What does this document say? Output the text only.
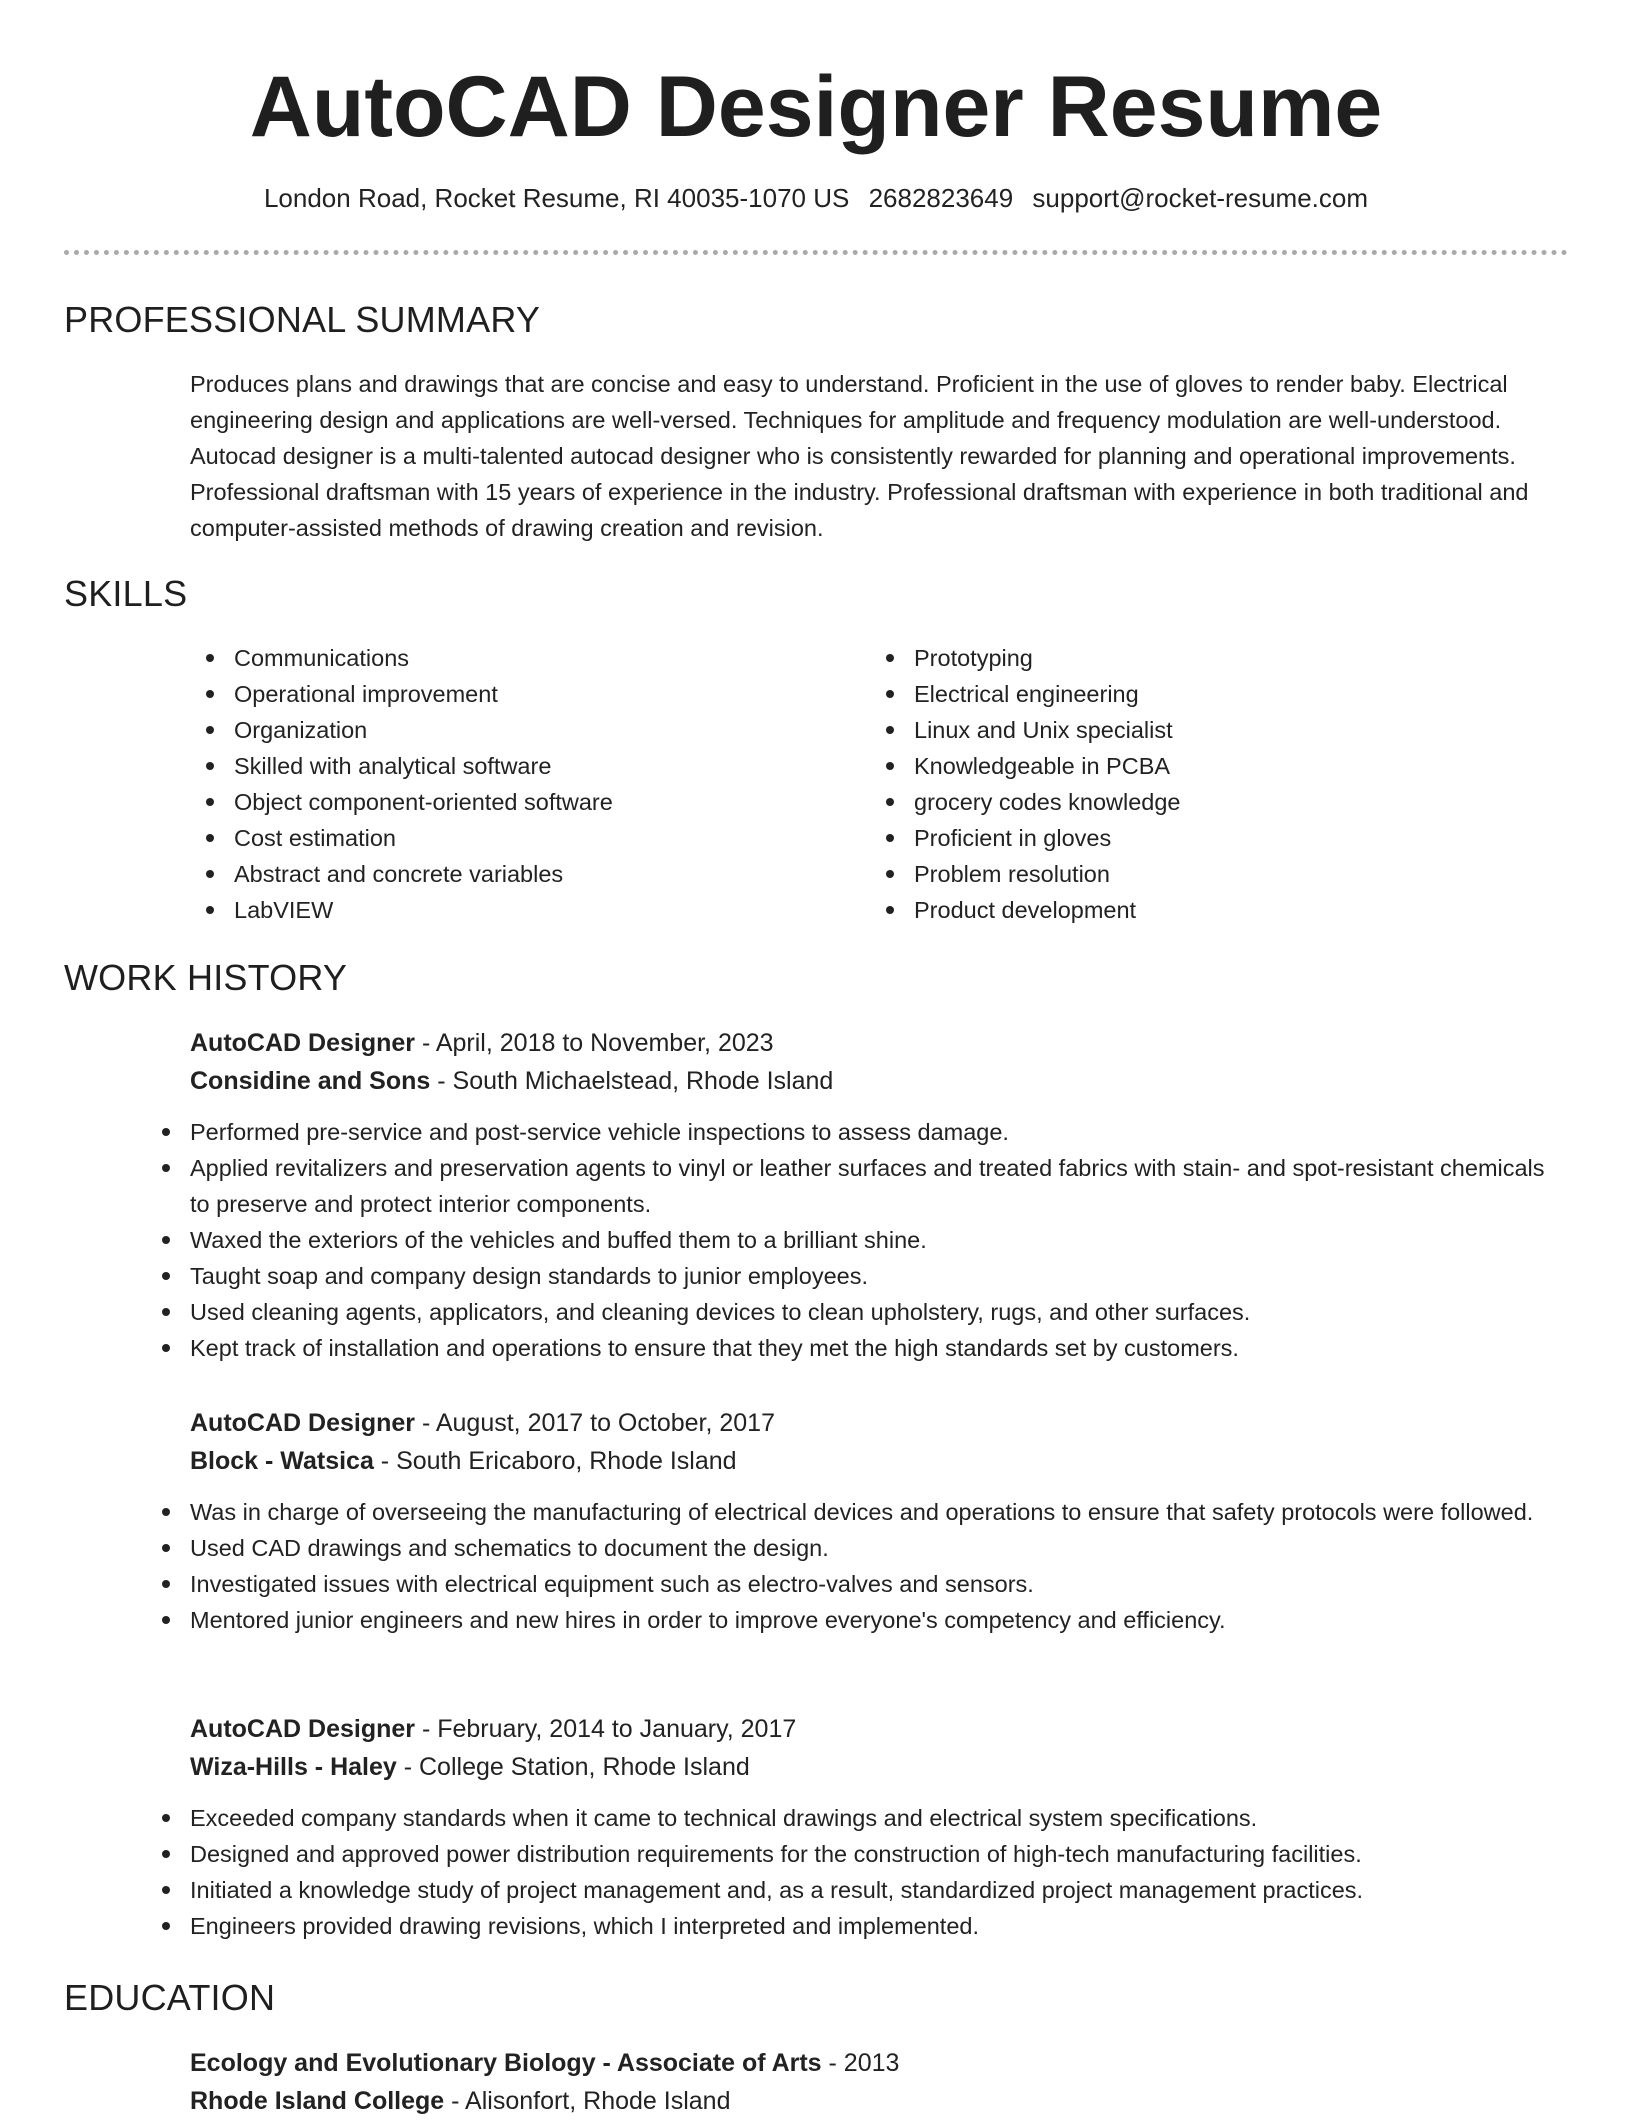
AutoCAD Designer Resume
London Road, Rocket Resume, RI 40035-1070 US 2682823649 support@rocket-resume.com
PROFESSIONAL SUMMARY
Produces plans and drawings that are concise and easy to understand. Proficient in the use of gloves to render baby. Electrical engineering design and applications are well-versed. Techniques for amplitude and frequency modulation are well-understood. Autocad designer is a multi-talented autocad designer who is consistently rewarded for planning and operational improvements. Professional draftsman with 15 years of experience in the industry. Professional draftsman with experience in both traditional and computer-assisted methods of drawing creation and revision.
SKILLS
Communications
Operational improvement
Organization
Skilled with analytical software
Object component-oriented software
Cost estimation
Abstract and concrete variables
LabVIEW
Prototyping
Electrical engineering
Linux and Unix specialist
Knowledgeable in PCBA
grocery codes knowledge
Proficient in gloves
Problem resolution
Product development
WORK HISTORY
AutoCAD Designer - April, 2018 to November, 2023
Considine and Sons - South Michaelstead, Rhode Island
Performed pre-service and post-service vehicle inspections to assess damage.
Applied revitalizers and preservation agents to vinyl or leather surfaces and treated fabrics with stain- and spot-resistant chemicals to preserve and protect interior components.
Waxed the exteriors of the vehicles and buffed them to a brilliant shine.
Taught soap and company design standards to junior employees.
Used cleaning agents, applicators, and cleaning devices to clean upholstery, rugs, and other surfaces.
Kept track of installation and operations to ensure that they met the high standards set by customers.
AutoCAD Designer - August, 2017 to October, 2017
Block - Watsica - South Ericaboro, Rhode Island
Was in charge of overseeing the manufacturing of electrical devices and operations to ensure that safety protocols were followed.
Used CAD drawings and schematics to document the design.
Investigated issues with electrical equipment such as electro-valves and sensors.
Mentored junior engineers and new hires in order to improve everyone's competency and efficiency.
AutoCAD Designer - February, 2014 to January, 2017
Wiza-Hills - Haley - College Station, Rhode Island
Exceeded company standards when it came to technical drawings and electrical system specifications.
Designed and approved power distribution requirements for the construction of high-tech manufacturing facilities.
Initiated a knowledge study of project management and, as a result, standardized project management practices.
Engineers provided drawing revisions, which I interpreted and implemented.
EDUCATION
Ecology and Evolutionary Biology - Associate of Arts - 2013
Rhode Island College - Alisonfort, Rhode Island
